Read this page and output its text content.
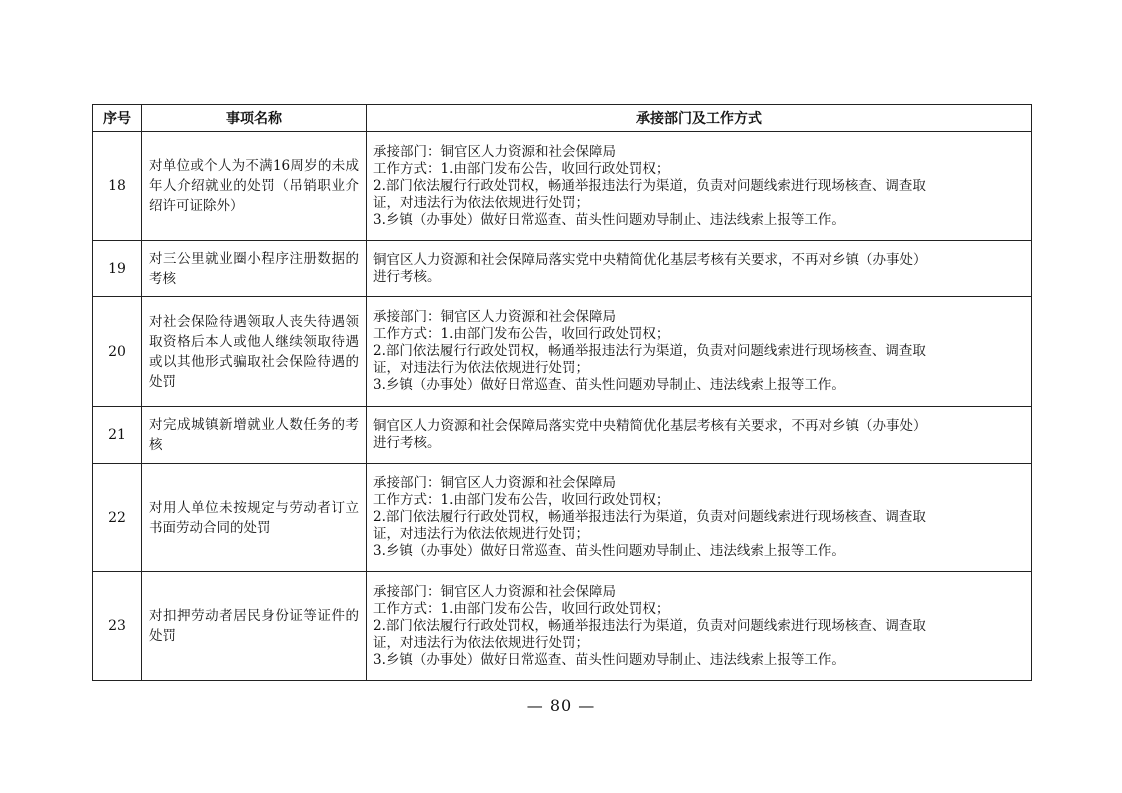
序号	事项名称	承接部门及工作方式
18	对单位或个人为不满16周岁的未成年人介绍就业的处罚（吊销职业介绍许可证除外）	承接部门：铜官区人力资源和社会保障局
工作方式：1.由部门发布公告，收回行政处罚权；
2.部门依法履行行政处罚权，畅通举报违法行为渠道，负责对问题线索进行现场核查、调查取
证，对违法行为依法依规进行处罚；
3.乡镇（办事处）做好日常巡查、苗头性问题劝导制止、违法线索上报等工作。

19	对三公里就业圈小程序注册数据的考核	铜官区人力资源和社会保障局落实党中央精简优化基层考核有关要求，不再对乡镇（办事处）
进行考核。

20	对社会保险待遇领取人丧失待遇领取资格后本人或他人继续领取待遇或以其他形式骗取社会保险待遇的处罚	承接部门：铜官区人力资源和社会保障局
工作方式：1.由部门发布公告，收回行政处罚权；
2.部门依法履行行政处罚权，畅通举报违法行为渠道，负责对问题线索进行现场核查、调查取
证，对违法行为依法依规进行处罚；
3.乡镇（办事处）做好日常巡查、苗头性问题劝导制止、违法线索上报等工作。

21	对完成城镇新增就业人数任务的考核	铜官区人力资源和社会保障局落实党中央精简优化基层考核有关要求，不再对乡镇（办事处）
进行考核。

22	对用人单位未按规定与劳动者订立书面劳动合同的处罚	承接部门：铜官区人力资源和社会保障局
工作方式：1.由部门发布公告，收回行政处罚权；
2.部门依法履行行政处罚权，畅通举报违法行为渠道，负责对问题线索进行现场核查、调查取
证，对违法行为依法依规进行处罚；
3.乡镇（办事处）做好日常巡查、苗头性问题劝导制止、违法线索上报等工作。

23	对扣押劳动者居民身份证等证件的处罚	承接部门：铜官区人力资源和社会保障局
工作方式：1.由部门发布公告，收回行政处罚权；
2.部门依法履行行政处罚权，畅通举报违法行为渠道，负责对问题线索进行现场核查、调查取
证，对违法行为依法依规进行处罚；
3.乡镇（办事处）做好日常巡查、苗头性问题劝导制止、违法线索上报等工作。
— 80 —
